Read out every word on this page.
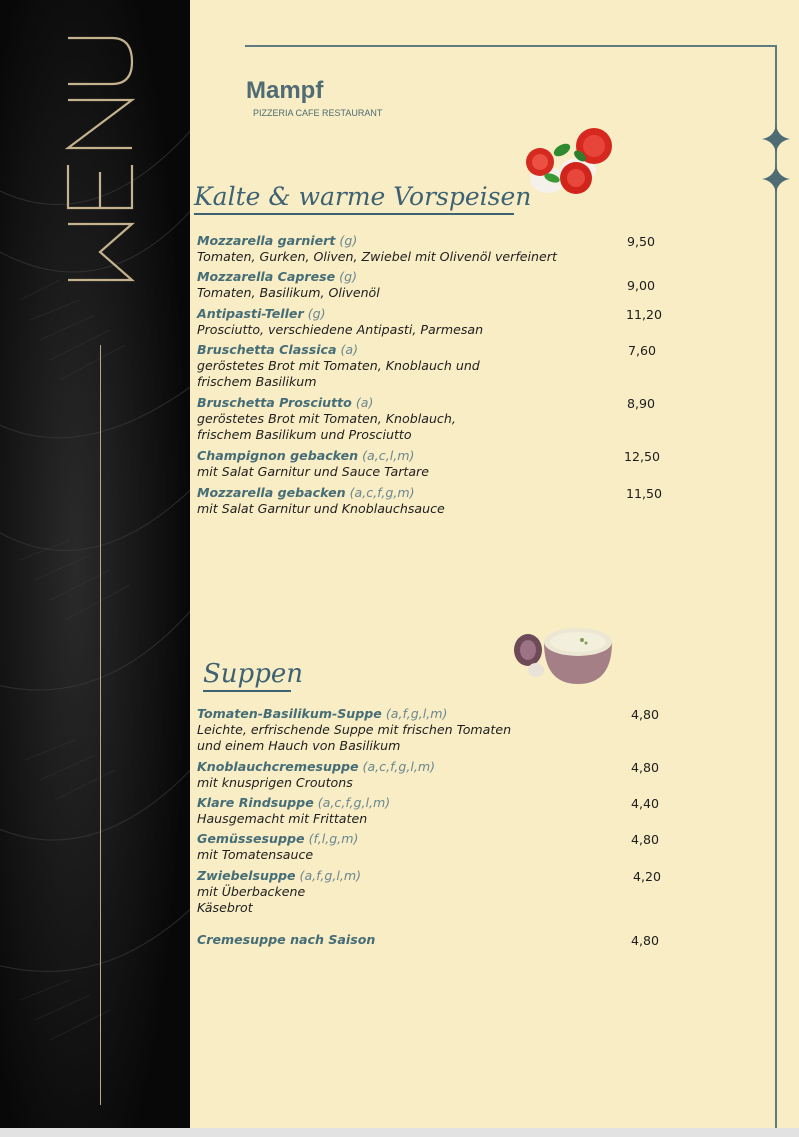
Mampf
PIZZERIA CAFE RESTAURANT
Kalte & warme Vorspeisen
Mozzarella garniert (g)
Tomaten, Gurken, Oliven, Zwiebel mit Olivenöl verfeinert
9,50
Mozzarella Caprese (g)
Tomaten, Basilikum, Olivenöl	9,00
Antipasti-Teller (g)
Prosciutto, verschiedene Antipasti, Parmesan
11,20
Bruschetta Classica (a)
geröstetes Brot mit Tomaten, Knoblauch und
frischem Basilikum
7,60
Bruschetta Prosciutto (a)
geröstetes Brot mit Tomaten, Knoblauch,
frischem Basilikum und Prosciutto
8,90
Champignon gebacken (a,c,l,m)
mit Salat Garnitur und Sauce Tartare
12,50
Mozzarella gebacken (a,c,f,g,m)
mit Salat Garnitur und Knoblauchsauce
11,50
Suppen
Tomaten-Basilikum-Suppe (a,f,g,l,m)
Leichte, erfrischende Suppe mit frischen Tomaten
und einem Hauch von Basilikum
4,80
Knoblauchcremesuppe (a,c,f,g,l,m)
mit knusprigen Croutons
4,80
Klare Rindsuppe (a,c,f,g,l,m)
Hausgemacht mit Frittaten
4,40
Gemüssesuppe (f,l,g,m)
mit Tomatensauce
4,80
Zwiebelsuppe (a,f,g,l,m)
mit Überbackene
Käsebrot
4,20
Cremesuppe nach Saison	4,80
